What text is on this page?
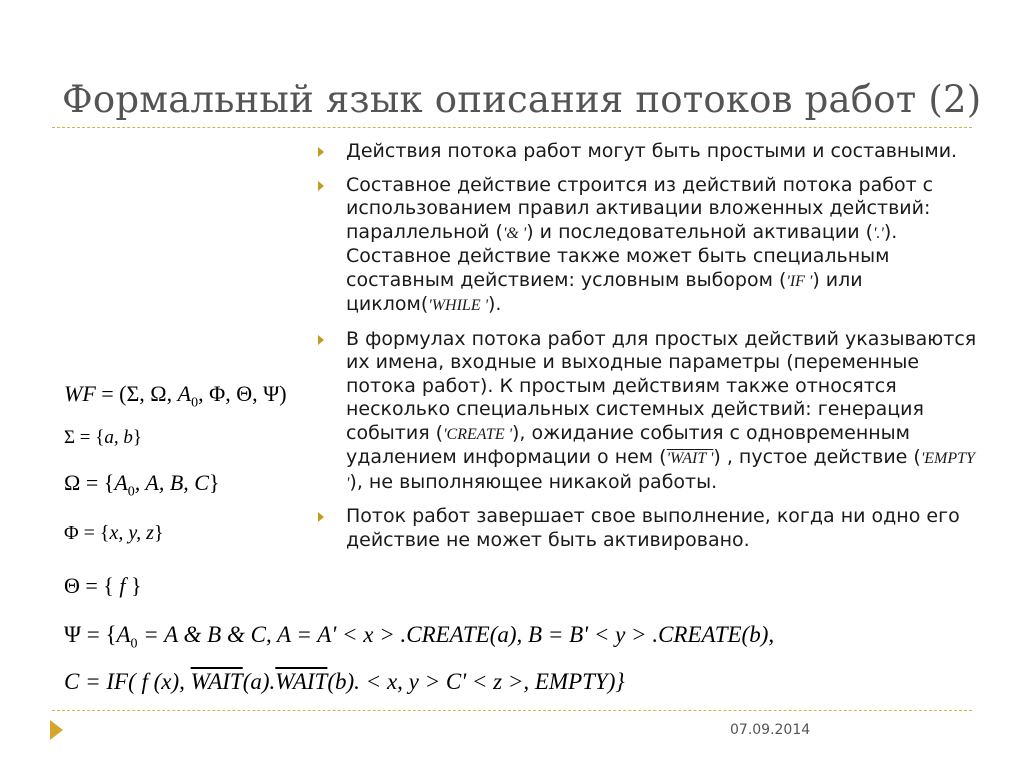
Формальный язык описания потоков работ (2)
Действия потока работ могут быть простыми и составными.
Составное действие строится из действий потока работ с использованием правил активации вложенных действий: параллельной ('& ') и последовательной активации ('.'). Составное действие также может быть специальным составным действием: условным выбором ('IF ') или циклом('WHILE ').
В формулах потока работ для простых действий указываются их имена, входные и выходные параметры (переменные потока работ). К простым действиям также относятся несколько специальных системных действий: генерация события ('CREATE '), ожидание события с одновременным удалением информации о нем ('WAIT ') , пустое действие ('EMPTY '), не выполняющее никакой работы.
Поток работ завершает свое выполнение, когда ни одно его действие не может быть активировано.
WF = (Σ, Ω, $A_0$, Φ, Θ, Ψ)
Σ = {a, b}
$\Omega = \{A_0$, A, B, C}
Φ = {x, y, z}
Θ = { f }
$\Psi = \{A_0 = A$ & B & C, A = A' < x > .CREATE(a), B = B' < y > .CREATE(b),
C = IF( f (x), WAIT(a).WAIT(b). < x, y > C' < z >, EMPTY)}
07.09.2014
